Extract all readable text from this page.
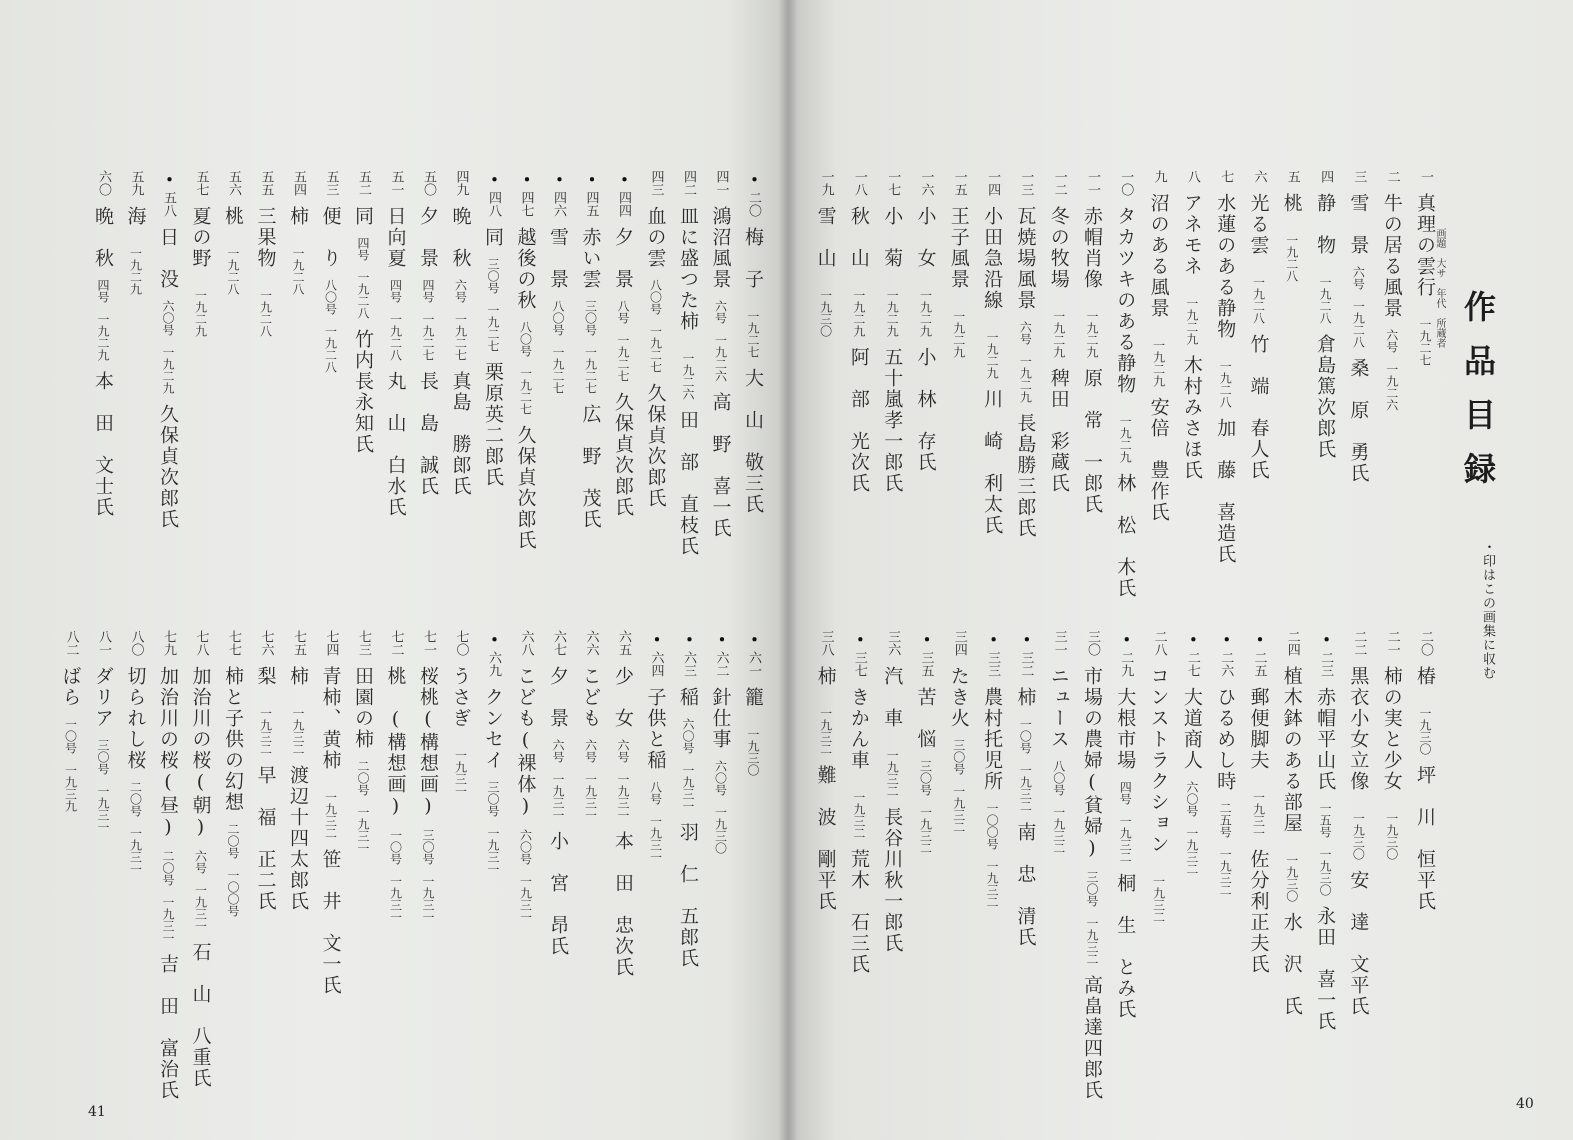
作品目録
・印はこの画集に収む
画題　大サ　年代　所蔵者
一真理の雲行一九二七
二牛の居る風景六号一九二六
三雪　景六号一九二八桑　原　勇氏
四静　物一九二八倉島篤次郎氏
五桃一九二八
六光る雲一九二八竹　端　春人氏
七水蓮のある静物一九二八加　藤　喜造氏
八アネモネ一九二九木村みさほ氏
九沼のある風景一九二九安倍　豊作氏
一〇タカツキのある静物一九二九林　松　木氏
一一赤帽肖像一九二九原　常　一郎氏
一二冬の牧場一九二九稗田　彩蔵氏
一三瓦焼場風景六号一九二九長島勝三郎氏
一四小田急沿線一九二九川　崎　利太氏
一五王子風景一九二九
一六小　女一九二九小　林　存氏
一七小　菊一九二九五十嵐孝一郎氏
一八秋　山一九二九阿　部　光次氏
一九雪　山一九三〇
・二〇梅　子一九二七大　山　敬三氏
四一鴻沼風景六号一九二六高　野　喜一氏
四二皿に盛つた柿一九二六田　部　直枝氏
四三血の雲八〇号一九二七久保貞次郎氏
・四四夕　景八号一九二七久保貞次郎氏
・四五赤い雲三〇号一九二七広　野　茂氏
・四六雪　景八〇号一九二七
・四七越後の秋八〇号一九二七久保貞次郎氏
・四八同三〇号一九二七栗原英二郎氏
四九晩　秋六号一九二七真島　勝郎氏
五〇夕　景四号一九二七長　島　誠氏
五一日向夏四号一九二八丸　山　白水氏
五二同四号一九二八竹内長永知氏
五三便　り八〇号一九二八
五四柿一九二八
五五三果物一九二八
五六桃一九二八
五七夏の野一九二九
・五八日　没六〇号一九二九久保貞次郎氏
五九海一九二九
六〇晩　秋四号一九二九本　田　文士氏
二〇椿一九三〇坪　川　恒平氏
二一柿の実と少女一九三〇
二二黒衣小女立像一九三〇安　達　文平氏
・二三赤帽平山氏一五号一九三〇永田　喜一氏
二四植木鉢のある部屋一九三〇水　沢　氏
・二五郵便脚夫一九三一佐分利正夫氏
・二六ひるめし時二五号一九三二
・二七大道商人六〇号一九三二
二八コンストラクション一九三二
・二九大根市場四号一九三二桐　生　とみ氏
三〇市場の農婦(貧婦)三〇号一九三二高畠達四郎氏
三一ニュース八〇号一九三二
・三二柿一〇号一九三二南　忠　清氏
・三三農村托児所一〇〇号一九三二
三四たき火三〇号一九三二
・三五苦　悩三〇号一九三二
三六汽　車一九三二長谷川秋一郎氏
・三七きかん車一九三二荒木　石三氏
三八柿一九三二難　波　剛平氏
・六一籠一九三〇
・六二針仕事六〇号一九三〇
・六三稲六〇号一九三一羽　仁　五郎氏
・六四子供と稲八号一九三一
六五少　女六号一九三一本　田　忠次氏
六六こども六号一九三一
六七夕　景六号一九三一小　宮　昂氏
六八こども(裸体)六〇号一九三一
・六九クンセイ三〇号一九三一
七〇うさぎ一九三一
七一桜桃(構想画)三〇号一九三一
七二桃　(構想画)一〇号一九三一
七三田園の柿二〇号一九三一
七四青柿、黄柿一九三二笹　井　文一氏
七五柿一九三二渡辺十四太郎氏
七六梨一九三二早　福　正二氏
七七柿と子供の幻想二〇号一〇〇号
七八加治川の桜(朝)六号一九三一石　山　八重氏
七九加治川の桜(昼)二〇号一九三一吉　田　富治氏
八〇切られし桜二〇号一九三一
八一ダリア三〇号一九三一
八二ばら一〇号一九三九
41	40
